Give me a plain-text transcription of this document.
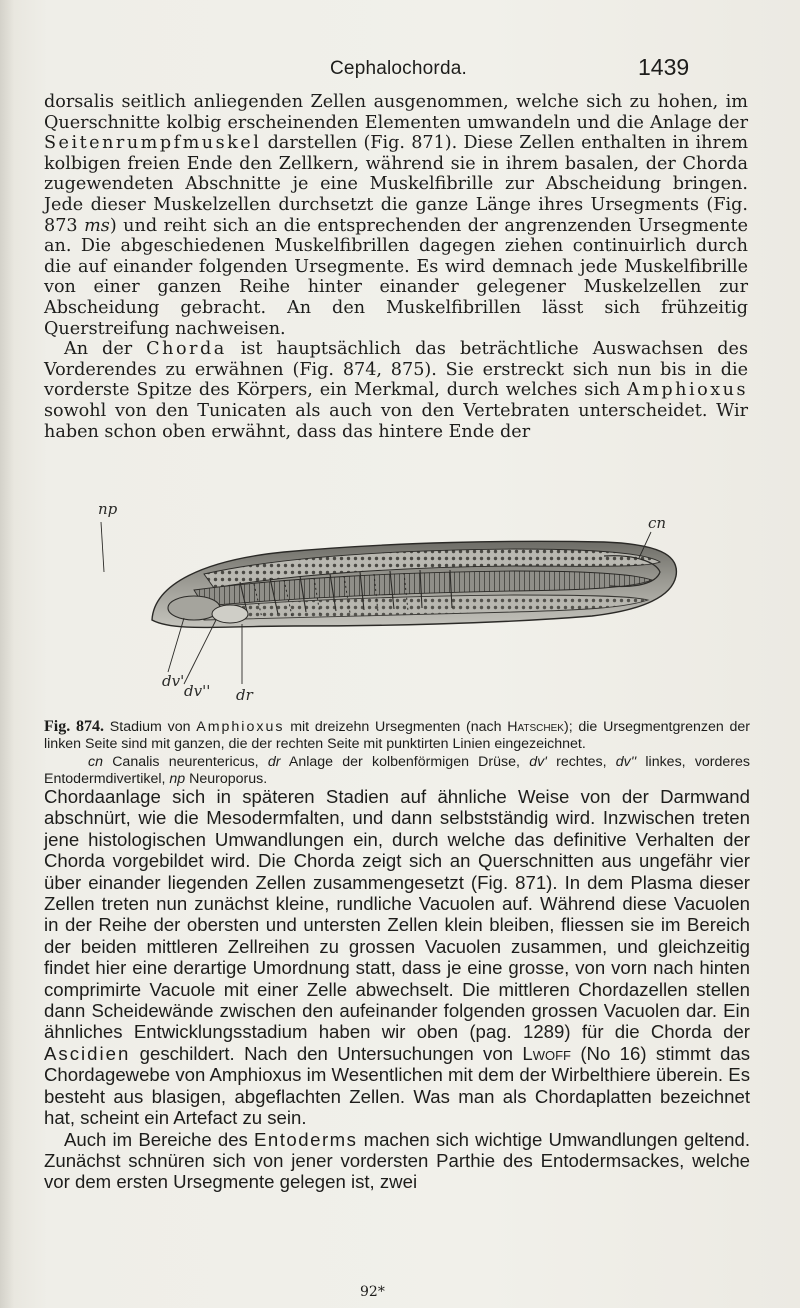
Cephalochorda.	1439

dorsalis seitlich anliegenden Zellen ausgenommen, welche sich zu hohen, im Querschnitte kolbig erscheinenden Elementen umwandeln und die Anlage der Seitenrumpfmuskel darstellen (Fig. 871). Diese Zellen enthalten in ihrem kolbigen freien Ende den Zellkern, während sie in ihrem basalen, der Chorda zugewendeten Abschnitte je eine Muskelfibrille zur Abscheidung bringen. Jede dieser Muskelzellen durchsetzt die ganze Länge ihres Ursegments (Fig. 873 ms) und reiht sich an die entsprechenden der angrenzenden Ursegmente an. Die abgeschiedenen Muskelfibrillen dagegen ziehen continuirlich durch die auf einander folgenden Ursegmente. Es wird demnach jede Muskelfibrille von einer ganzen Reihe hinter einander gelegener Muskelzellen zur Abscheidung gebracht. An den Muskelfibrillen lässt sich frühzeitig Querstreifung nachweisen.

An der Chorda ist hauptsächlich das beträchtliche Auswachsen des Vorderendes zu erwähnen (Fig. 874, 875). Sie erstreckt sich nun bis in die vorderste Spitze des Körpers, ein Merkmal, durch welches sich Amphioxus sowohl von den Tunicaten als auch von den Vertebraten unterscheidet. Wir haben schon oben erwähnt, dass das hintere Ende der

np
cn
dv'
dv'' dr

Fig. 874. Stadium von Amphioxus mit dreizehn Ursegmenten (nach Hatschek); die Ursegmentgrenzen der linken Seite sind mit ganzen, die der rechten Seite mit punktirten Linien eingezeichnet.

cn Canalis neurentericus, dr Anlage der kolbenförmigen Drüse, dv' rechtes, dv'' linkes, vorderes Entodermdivertikel, np Neuroporus.

Chordaanlage sich in späteren Stadien auf ähnliche Weise von der Darmwand abschnürt, wie die Mesodermfalten, und dann selbstständig wird. Inzwischen treten jene histologischen Umwandlungen ein, durch welche das definitive Verhalten der Chorda vorgebildet wird. Die Chorda zeigt sich an Querschnitten aus ungefähr vier über einander liegenden Zellen zusammengesetzt (Fig. 871). In dem Plasma dieser Zellen treten nun zunächst kleine, rundliche Vacuolen auf. Während diese Vacuolen in der Reihe der obersten und untersten Zellen klein bleiben, fliessen sie im Bereich der beiden mittleren Zellreihen zu grossen Vacuolen zusammen, und gleichzeitig findet hier eine derartige Umordnung statt, dass je eine grosse, von vorn nach hinten comprimirte Vacuole mit einer Zelle abwechselt. Die mittleren Chordazellen stellen dann Scheidewände zwischen den aufeinander folgenden grossen Vacuolen dar. Ein ähnliches Entwicklungsstadium haben wir oben (pag. 1289) für die Chorda der Ascidien geschildert. Nach den Untersuchungen von Lwoff (No 16) stimmt das Chordagewebe von Amphioxus im Wesentlichen mit dem der Wirbelthiere überein. Es besteht aus blasigen, abgeflachten Zellen. Was man als Chordaplatten bezeichnet hat, scheint ein Artefact zu sein.

Auch im Bereiche des Entoderms machen sich wichtige Umwandlungen geltend. Zunächst schnüren sich von jener vordersten Parthie des Entodermsackes, welche vor dem ersten Ursegmente gelegen ist, zwei

92*
